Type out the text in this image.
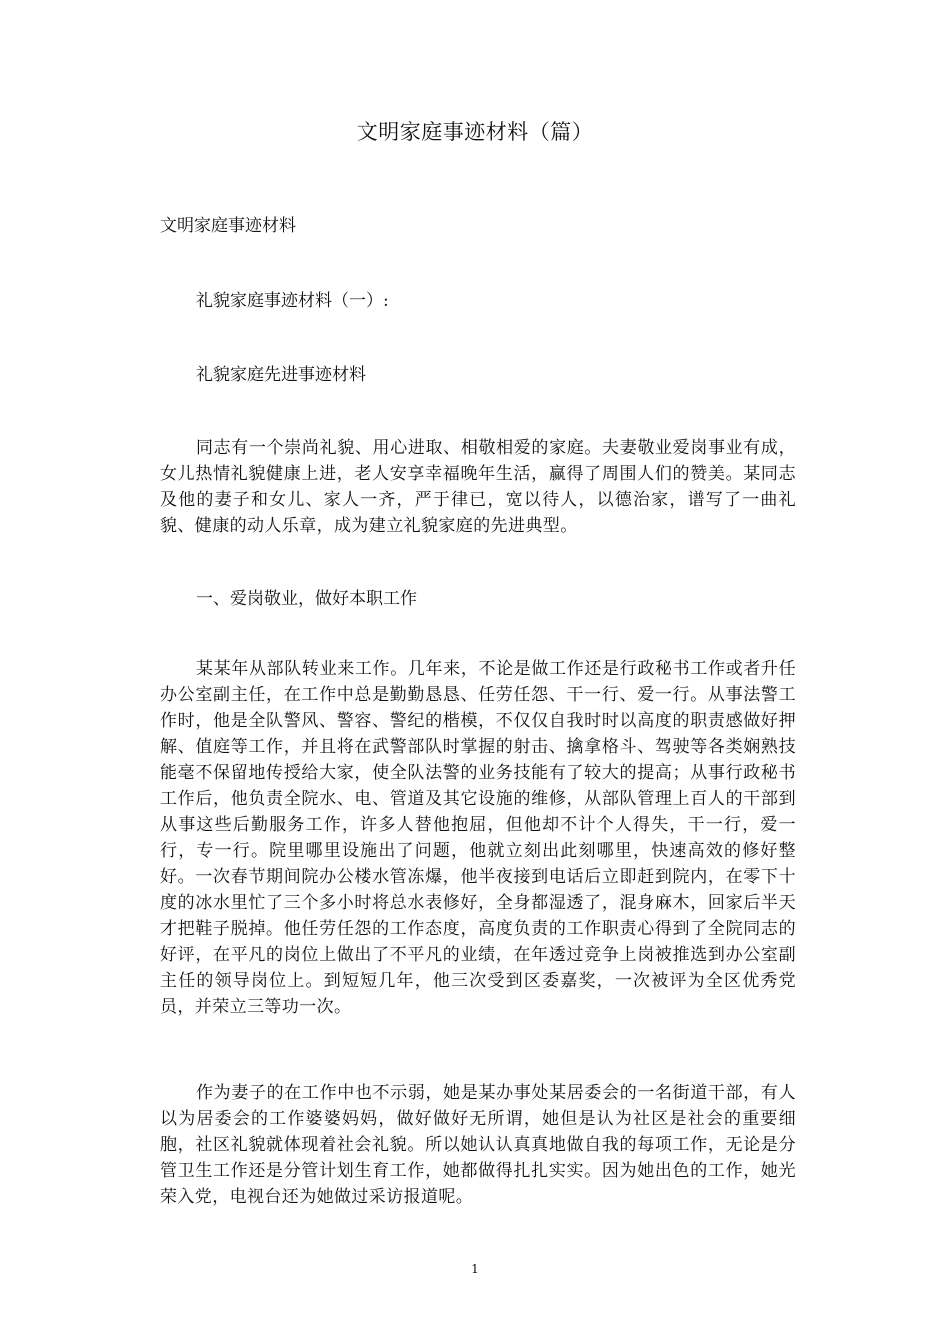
文明家庭事迹材料（篇）
文明家庭事迹材料
礼貌家庭事迹材料（一）:
礼貌家庭先进事迹材料

同志有一个崇尚礼貌、用心进取、相敬相爱的家庭。夫妻敬业爱岗事业有成，女儿热情礼貌健康上进，老人安享幸福晚年生活，赢得了周围人们的赞美。某同志及他的妻子和女儿、家人一齐，严于律已，宽以待人，以德治家，谱写了一曲礼貌、健康的动人乐章，成为建立礼貌家庭的先进典型。

一、爱岗敬业，做好本职工作

某某年从部队转业来工作。几年来，不论是做工作还是行政秘书工作或者升任办公室副主任，在工作中总是勤勤恳恳、任劳任怨、干一行、爱一行。从事法警工作时，他是全队警风、警容、警纪的楷模，不仅仅自我时时以高度的职责感做好押解、值庭等工作，并且将在武警部队时掌握的射击、擒拿格斗、驾驶等各类娴熟技能毫不保留地传授给大家，使全队法警的业务技能有了较大的提高；从事行政秘书工作后，他负责全院水、电、管道及其它设施的维修，从部队管理上百人的干部到从事这些后勤服务工作，许多人替他抱屈，但他却不计个人得失，干一行，爱一行，专一行。院里哪里设施出了问题，他就立刻出此刻哪里，快速高效的修好整好。一次春节期间院办公楼水管冻爆，他半夜接到电话后立即赶到院内，在零下十度的冰水里忙了三个多小时将总水表修好，全身都湿透了，混身麻木，回家后半天才把鞋子脱掉。他任劳任怨的工作态度，高度负责的工作职责心得到了全院同志的好评，在平凡的岗位上做出了不平凡的业绩，在年透过竞争上岗被推选到办公室副主任的领导岗位上。到短短几年，他三次受到区委嘉奖，一次被评为全区优秀党员，并荣立三等功一次。

作为妻子的在工作中也不示弱，她是某办事处某居委会的一名街道干部，有人以为居委会的工作婆婆妈妈，做好做好无所谓，她但是认为社区是社会的重要细胞，社区礼貌就体现着社会礼貌。所以她认认真真地做自我的每项工作，无论是分管卫生工作还是分管计划生育工作，她都做得扎扎实实。因为她出色的工作，她光荣入党，电视台还为她做过采访报道呢。

1
